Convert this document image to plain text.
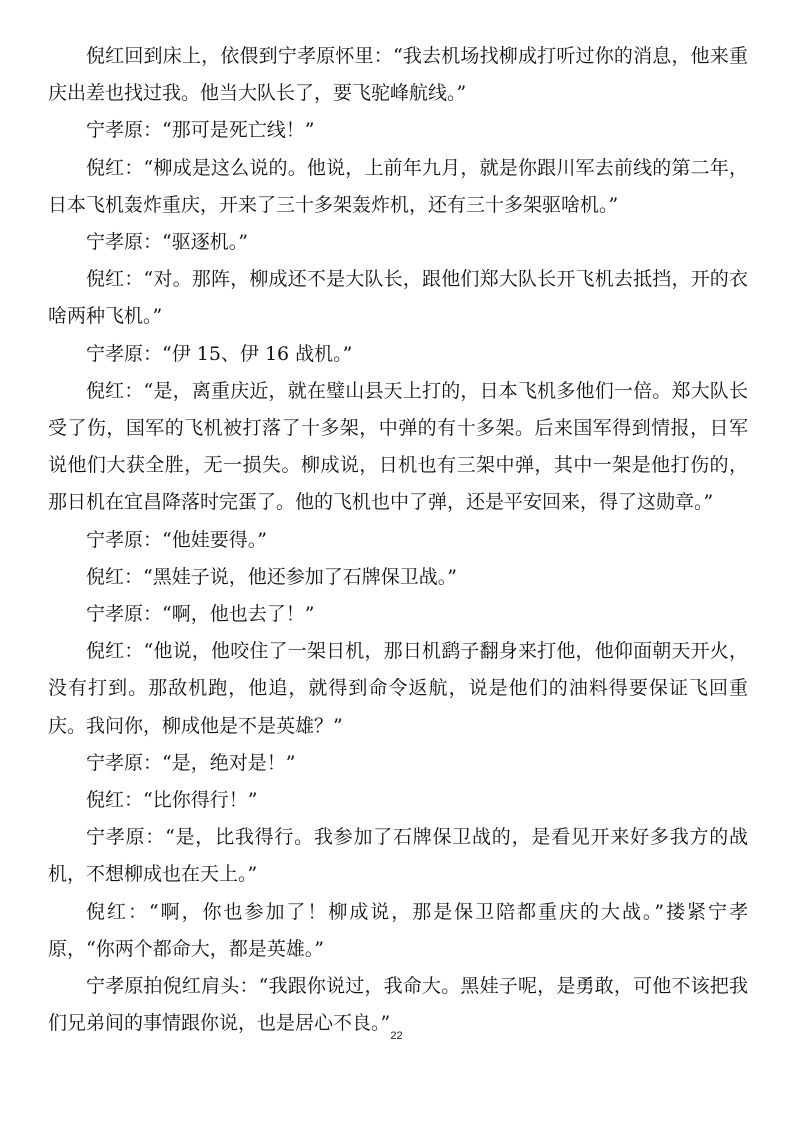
倪红回到床上，依偎到宁孝原怀里：“我去机场找柳成打听过你的消息，他来重庆出差也找过我。他当大队长了，要飞驼峰航线。”

宁孝原：“那可是死亡线！”

倪红：“柳成是这么说的。他说，上前年九月，就是你跟川军去前线的第二年，日本飞机轰炸重庆，开来了三十多架轰炸机，还有三十多架驱啥机。”

宁孝原：“驱逐机。”

倪红：“对。那阵，柳成还不是大队长，跟他们郑大队长开飞机去抵挡，开的衣啥两种飞机。”

宁孝原：“伊 15、伊 16 战机。”

倪红：“是，离重庆近，就在璧山县天上打的，日本飞机多他们一倍。郑大队长受了伤，国军的飞机被打落了十多架，中弹的有十多架。后来国军得到情报，日军说他们大获全胜，无一损失。柳成说，日机也有三架中弹，其中一架是他打伤的，那日机在宜昌降落时完蛋了。他的飞机也中了弹，还是平安回来，得了这勋章。”

宁孝原：“他娃要得。”

倪红：“黑娃子说，他还参加了石牌保卫战。”

宁孝原：“啊，他也去了！”

倪红：“他说，他咬住了一架日机，那日机鹞子翻身来打他，他仰面朝天开火，没有打到。那敌机跑，他追，就得到命令返航，说是他们的油料得要保证飞回重庆。我问你，柳成他是不是英雄？”

宁孝原：“是，绝对是！”

倪红：“比你得行！”

宁孝原：“是，比我得行。我参加了石牌保卫战的，是看见开来好多我方的战机，不想柳成也在天上。”

倪红：“啊，你也参加了！柳成说，那是保卫陪都重庆的大战。”搂紧宁孝原，“你两个都命大，都是英雄。”

宁孝原拍倪红肩头：“我跟你说过，我命大。黑娃子呢，是勇敢，可他不该把我们兄弟间的事情跟你说，也是居心不良。”

22
